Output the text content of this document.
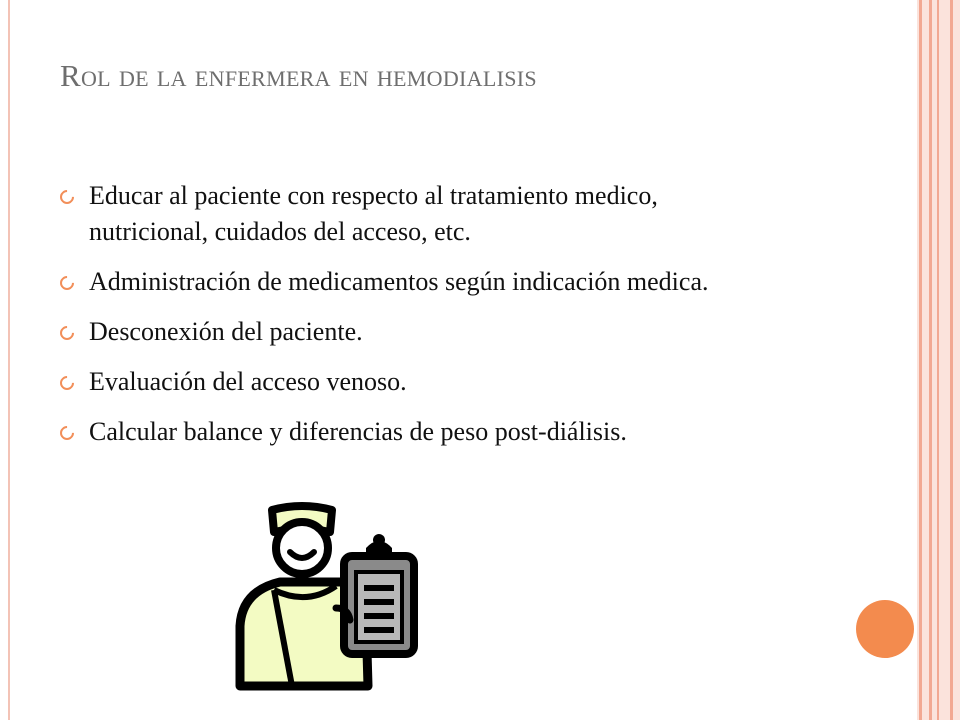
Rol de la enfermera en hemodialisis
Educar al paciente con respecto al tratamiento medico, nutricional, cuidados del acceso, etc.
Administración de medicamentos según indicación medica.
Desconexión del paciente.
Evaluación del acceso venoso.
Calcular balance y diferencias de peso post-diálisis.
